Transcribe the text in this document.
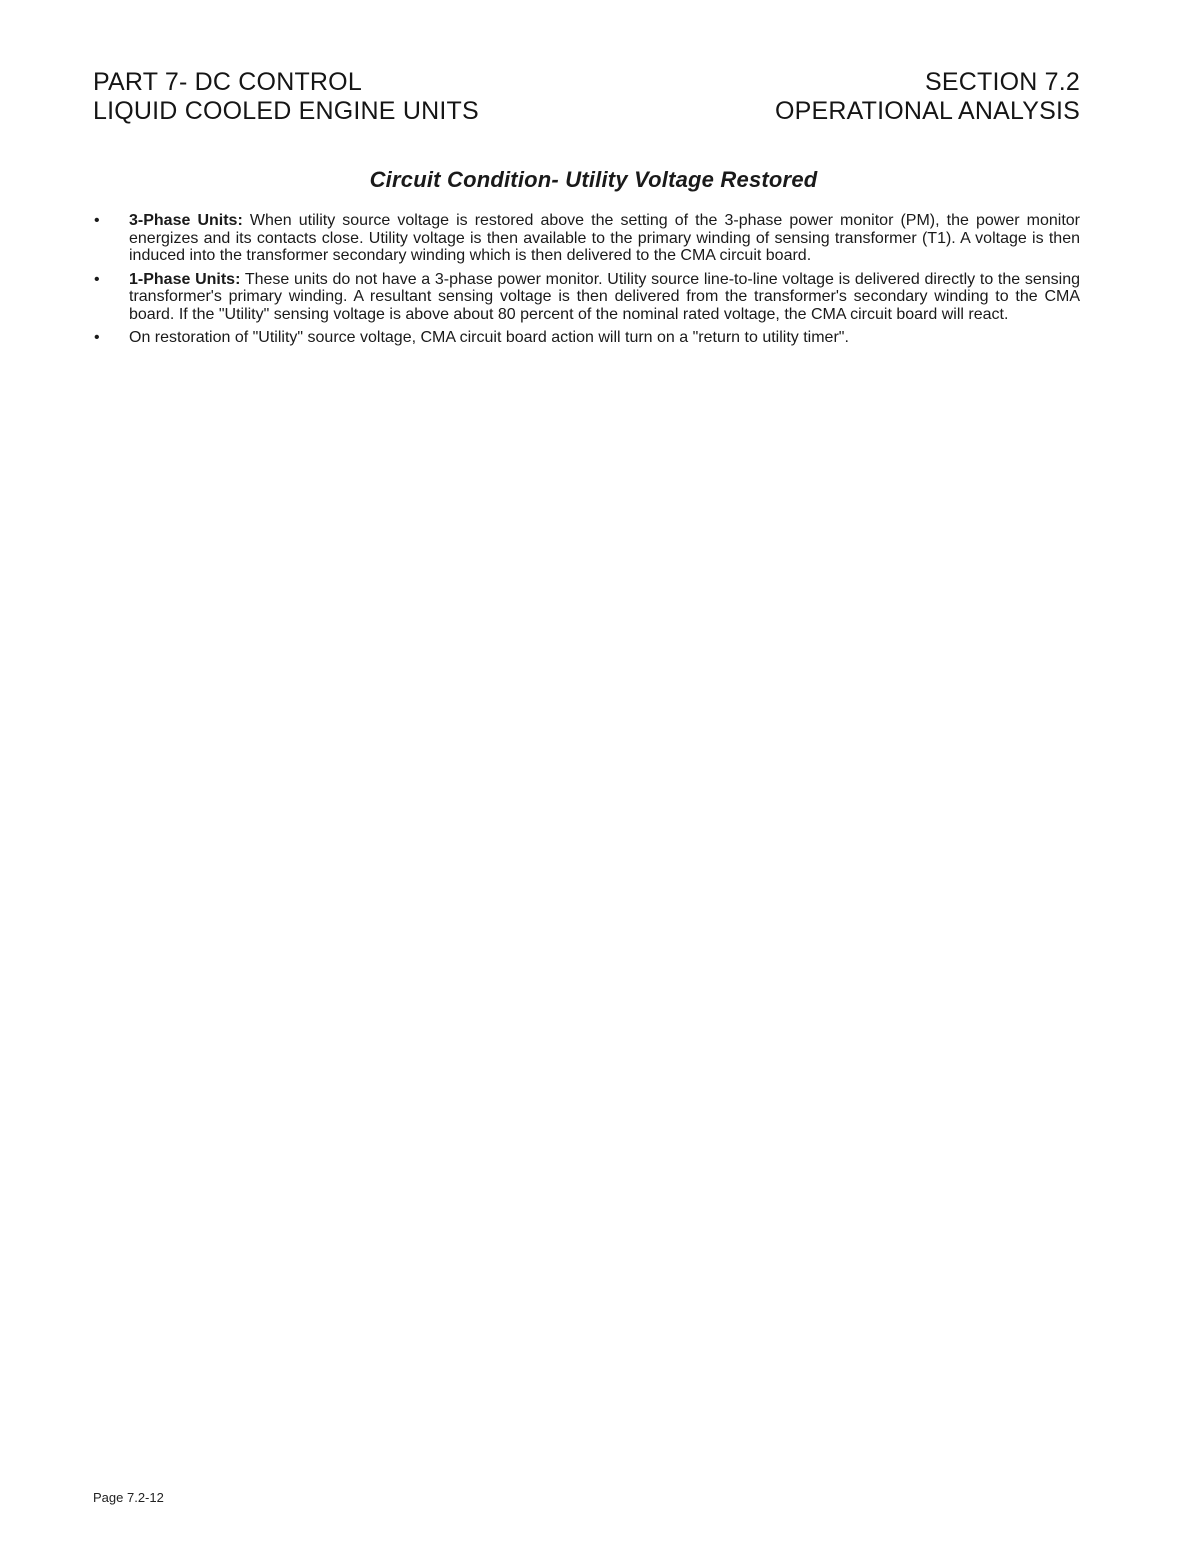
PART 7- DC CONTROL
LIQUID COOLED ENGINE UNITS
SECTION 7.2
OPERATIONAL ANALYSIS
Circuit Condition- Utility Voltage Restored
• 3-Phase Units: When utility source voltage is restored above the setting of the 3-phase power monitor (PM), the power monitor energizes and its contacts close. Utility voltage is then available to the primary winding of sensing transformer (T1). A voltage is then induced into the transformer secondary winding which is then delivered to the CMA circuit board.
• 1-Phase Units: These units do not have a 3-phase power monitor. Utility source line-to-line voltage is delivered directly to the sensing transformer's primary winding. A resultant sensing voltage is then delivered from the transformer's secondary winding to the CMA board. If the "Utility" sensing voltage is above about 80 percent of the nominal rated voltage, the CMA circuit board will react.
• On restoration of "Utility" source voltage, CMA circuit board action will turn on a "return to utility timer".
Page 7.2-12
